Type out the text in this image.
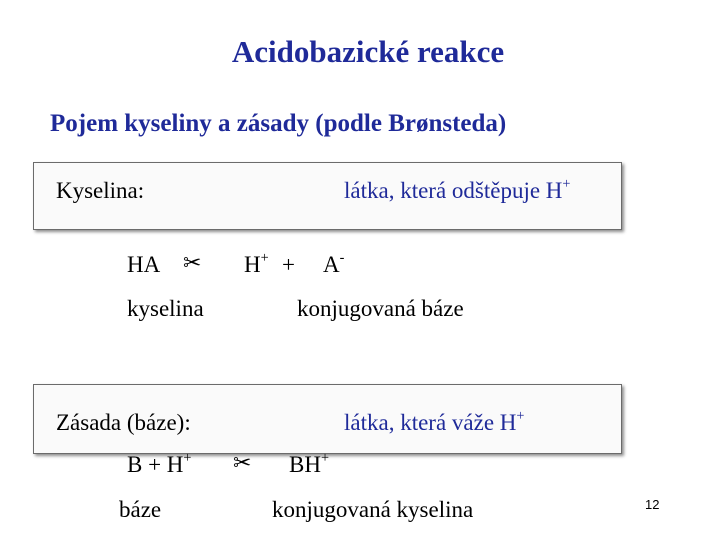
Acidobazické reakce
Pojem kyseliny a zásady (podle Brønsteda)
Kyselina:	látka, která odštěpuje H+
HA ✂ H+ + A-
kyselina	konjugovaná báze
Zásada (báze):	látka, která váže H+
B + H+ ✂ BH+
báze	konjugovaná kyselina	12
